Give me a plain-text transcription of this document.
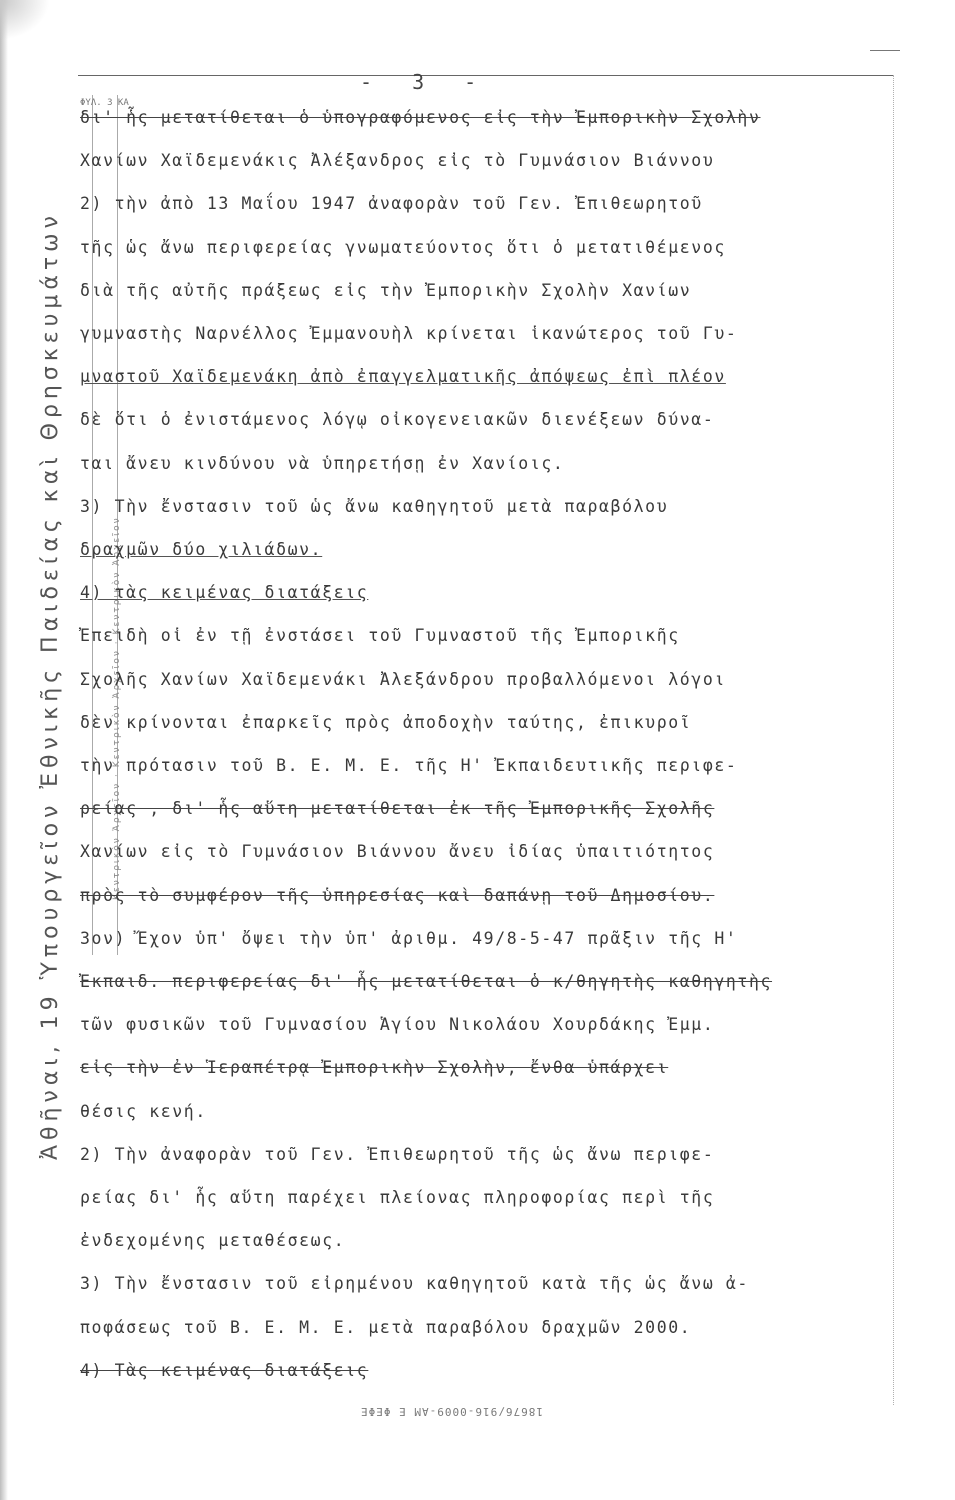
Ἀθῆναι, 19 Ὑπουργεῖον Ἐθνικῆς Παιδείας καὶ Θρησκευμάτων	Κεντρικὸν Ἀρχεῖον · Κεντρικὸν Ἀρχεῖον · Κεντρικὸν Ἀρχεῖον
- 3 -
ΦΥΛ. 3 ΚΑ
δι' ἧς μετατίθεται ὁ ὑπογραφόμενος εἰς τὴν Ἐμπορικὴν Σχολὴν
Χανίων Χαϊδεμενάκις Ἀλέξανδρος εἰς τὸ Γυμνάσιον Βιάννου
2) τὴν ἀπὸ 13 Μαΐου 1947 ἀναφορὰν τοῦ Γεν. Ἐπιθεωρητοῦ
τῆς ὡς ἄνω περιφερείας γνωματεύοντος ὅτι ὁ μετατιθέμενος
διὰ τῆς αὐτῆς πράξεως εἰς τὴν Ἐμπορικὴν Σχολὴν Χανίων
γυμναστὴς Ναρνέλλος Ἐμμανουὴλ κρίνεται ἱκανώτερος τοῦ Γυ-
μναστοῦ Χαϊδεμενάκη ἀπὸ ἐπαγγελματικῆς ἀπόψεως ἐπὶ πλέον
δὲ ὅτι ὁ ἐνιστάμενος λόγῳ οἰκογενειακῶν διενέξεων δύνα-
ται ἄνευ κινδύνου νὰ ὑπηρετήσῃ ἐν Χανίοις.
3) Τὴν ἔνστασιν τοῦ ὡς ἄνω καθηγητοῦ μετὰ παραβόλου
δραχμῶν δύο χιλιάδων.
4) τὰς κειμένας διατάξεις
Ἐπειδὴ οἱ ἐν τῇ ἐνστάσει τοῦ Γυμναστοῦ τῆς Ἐμπορικῆς
Σχολῆς Χανίων Χαϊδεμενάκι Ἀλεξάνδρου προβαλλόμενοι λόγοι
δὲν κρίνονται ἐπαρκεῖς πρὸς ἀποδοχὴν ταύτης, ἐπικυροῖ
τὴν πρότασιν τοῦ Β. Ε. Μ. Ε. τῆς Η' Ἐκπαιδευτικῆς περιφε-
ρείας , δι' ἧς αὕτη μετατίθεται ἐκ τῆς Ἐμπορικῆς Σχολῆς
Χανίων εἰς τὸ Γυμνάσιον Βιάννου ἄνευ ἰδίας ὑπαιτιότητος
πρὸς τὸ συμφέρον τῆς ὑπηρεσίας καὶ δαπάνῃ τοῦ Δημοσίου.
3ον) Ἔχον ὑπ' ὄψει τὴν ὑπ' ἀριθμ. 49/8-5-47 πρᾶξιν τῆς Η'
Ἐκπαιδ. περιφερείας δι' ἧς μετατίθεται ὁ κ/θηγητὴς καθηγητὴς
τῶν φυσικῶν τοῦ Γυμνασίου Ἁγίου Νικολάου Χουρδάκης Ἐμμ.
εἰς τὴν ἐν Ἱεραπέτρᾳ Ἐμπορικὴν Σχολὴν, ἔνθα ὑπάρχει
θέσις κενή.
2) Τὴν ἀναφορὰν τοῦ Γεν. Ἐπιθεωρητοῦ τῆς ὡς ἄνω περιφε-
ρείας δι' ἧς αὕτη παρέχει πλείονας πληροφορίας περὶ τῆς
ἐνδεχομένης μεταθέσεως.
3) Τὴν ἔνστασιν τοῦ εἰρημένου καθηγητοῦ κατὰ τῆς ὡς ἄνω ἀ-
ποφάσεως τοῦ Β. Ε. Μ. Ε. μετὰ παραβόλου δραχμῶν 2000.
4) Τὰς κειμένας διατάξεις
18676/916-0009-ΑΜ Ε ΦΕΦΕ
